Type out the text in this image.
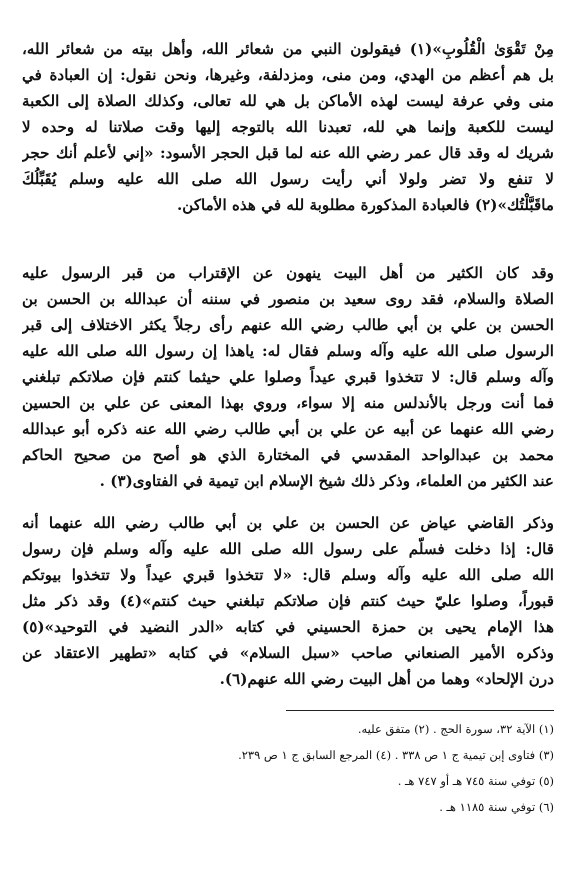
مِنْ تَقْوَىٰ الْقُلُوبِ»(١) فيقولون النبي من شعائر الله، وأهل بيته من شعائر الله،
بل هم أعظم من الهدي، ومن منى، ومزدلفة، وغيرها، ونحن نقول: إن العبادة في
منى وفي عرفة ليست لهذه الأماكن بل هي لله تعالى، وكذلك الصلاة إلى الكعبة
ليست للكعبة وإنما هي لله، تعبدنا الله بالتوجه إليها وقت صلاتنا له وحده لا
شريك له وقد قال عمر رضي الله عنه لما قبل الحجر الأسود: «إني لأعلم أنك حجر
لا تنفع ولا تضر ولولا أني رأيت رسول الله صلى الله عليه وسلم يُقَبِّلُكَ
ماقَبَّلْتُك»(٢) فالعبادة المذكورة مطلوبة لله في هذه الأماكن.
وقد كان الكثير من أهل البيت ينهون عن الإقتراب من قبر الرسول عليه
الصلاة والسلام، فقد روى سعيد بن منصور في سننه أن عبدالله بن الحسن بن
الحسن بن علي بن أبي طالب رضي الله عنهم رأى رجلاً يكثر الاختلاف إلى قبر
الرسول صلى الله عليه وآله وسلم فقال له: ياهذا إن رسول الله صلى الله عليه
وآله وسلم قال: لا تتخذوا قبري عيداً وصلوا علي حيثما كنتم فإن صلاتكم تبلغني
فما أنت ورجل بالأندلس منه إلا سواء، وروي بهذا المعنى عن علي بن الحسين
رضي الله عنهما عن أبيه عن علي بن أبي طالب رضي الله عنه ذكره أبو عبدالله
محمد بن عبدالواحد المقدسي في المختارة الذي هو أصح من صحيح الحاكم
عند الكثير من العلماء، وذكر ذلك شيخ الإسلام ابن تيمية في الفتاوى(٣) .
وذكر القاضي عياض عن الحسن بن علي بن أبي طالب رضي الله عنهما أنه
قال: إذا دخلت فسلّم على رسول الله صلى الله عليه وآله وسلم فإن رسول
الله صلى الله عليه وآله وسلم قال: «لا تتخذوا قبري عيداً ولا تتخذوا بيوتكم
قبوراً، وصلوا عليّ حيث كنتم فإن صلاتكم تبلغني حيث كنتم»(٤) وقد ذكر مثل
هذا الإمام يحيى بن حمزة الحسيني في كتابه «الدر النضيد في التوحيد»(٥)
وذكره الأمير الصنعاني صاحب «سبل السلام» في كتابه «تطهير الاعتقاد عن
درن الإلحاد» وهما من أهل البيت رضي الله عنهم(٦).
(١) الآية ٣٢، سورة الحج . (٢) متفق عليه.
(٣) فتاوى إبن تيمية ج ١ ص ٣٣٨ . (٤) المرجع السابق ج ١ ص ٢٣٩.
(٥) توفي سنة ٧٤٥ هـ أو ٧٤٧ هـ .
(٦) توفي سنة ١١٨٥ هـ .
